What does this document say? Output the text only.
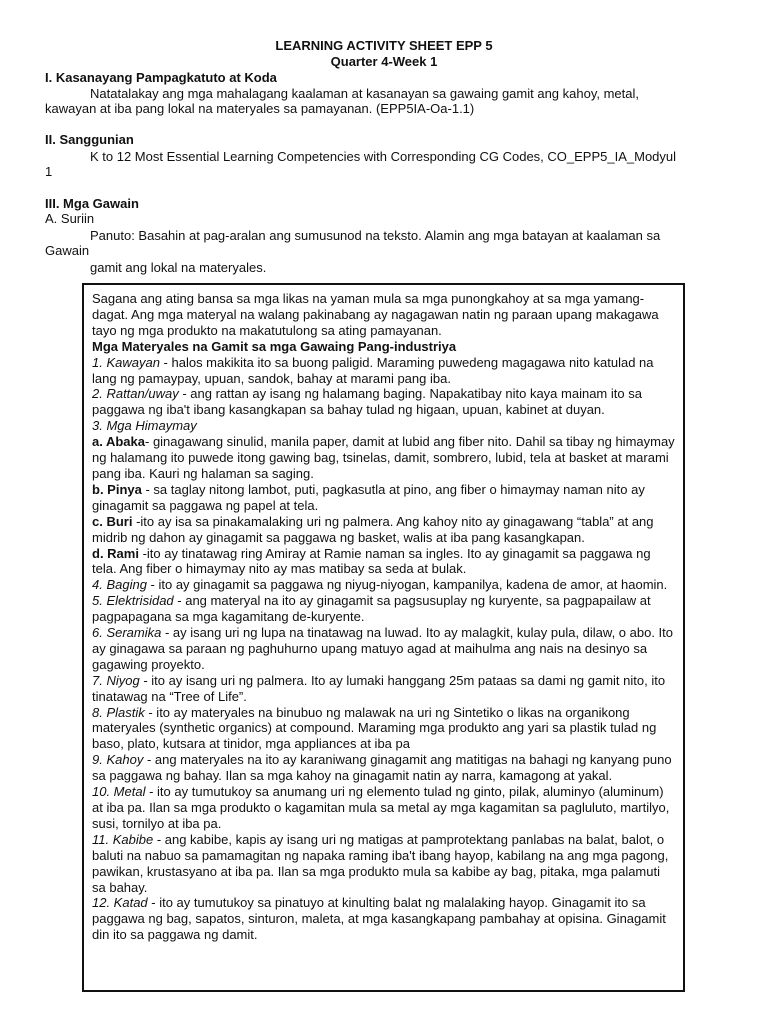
LEARNING ACTIVITY SHEET EPP 5
Quarter 4-Week 1
I. Kasanayang Pampagkatuto at Koda
Natatalakay ang mga mahalagang kaalaman at kasanayan sa gawaing gamit ang kahoy, metal,
kawayan at iba pang lokal na materyales sa pamayanan. (EPP5IA-Oa-1.1)
II. Sanggunian
K to 12 Most Essential Learning Competencies with Corresponding CG Codes, CO_EPP5_IA_Modyul
1
III. Mga Gawain
A. Suriin
Panuto: Basahin at pag-aralan ang sumusunod na teksto. Alamin ang mga batayan at kaalaman sa
Gawain
gamit ang lokal na materyales.

Sagana ang ating bansa sa mga likas na yaman mula sa mga punongkahoy at sa mga yamang-dagat. Ang mga materyal na walang pakinabang ay nagagawan natin ng paraan upang makagawa tayo ng mga produkto na makatutulong sa ating pamayanan.

Mga Materyales na Gamit sa mga Gawaing Pang-industriya

1. Kawayan - halos makikita ito sa buong paligid. Maraming puwedeng magagawa nito katulad na lang ng pamaypay, upuan, sandok, bahay at marami pang iba.

2. Rattan/uway - ang rattan ay isang ng halamang baging. Napakatibay nito kaya mainam ito sa paggawa ng iba't ibang kasangkapan sa bahay tulad ng higaan, upuan, kabinet at duyan.

3. Mga Himaymay

a. Abaka- ginagawang sinulid, manila paper, damit at lubid ang fiber nito. Dahil sa tibay ng himaymay ng halamang ito puwede itong gawing bag, tsinelas, damit, sombrero, lubid, tela at basket at marami pang iba. Kauri ng halaman sa saging.

b. Pinya - sa taglay nitong lambot, puti, pagkasutla at pino, ang fiber o himaymay naman nito ay ginagamit sa paggawa ng papel at tela.

c. Buri -ito ay isa sa pinakamalaking uri ng palmera. Ang kahoy nito ay ginagawang “tabla” at ang midrib ng dahon ay ginagamit sa paggawa ng basket, walis at iba pang kasangkapan.

d. Rami -ito ay tinatawag ring Amiray at Ramie naman sa ingles. Ito ay ginagamit sa paggawa ng tela. Ang fiber o himaymay nito ay mas matibay sa seda at bulak.

4. Baging - ito ay ginagamit sa paggawa ng niyug-niyogan, kampanilya, kadena de amor, at haomin.

5. Elektrisidad - ang materyal na ito ay ginagamit sa pagsusuplay ng kuryente, sa pagpapailaw at pagpapagana sa mga kagamitang de-kuryente.

6. Seramika - ay isang uri ng lupa na tinatawag na luwad. Ito ay malagkit, kulay pula, dilaw, o abo. Ito ay ginagawa sa paraan ng paghuhurno upang matuyo agad at maihulma ang nais na desinyo sa gagawing proyekto.

7. Niyog - ito ay isang uri ng palmera. Ito ay lumaki hanggang 25m pataas sa dami ng gamit nito, ito tinatawag na “Tree of Life”.

8. Plastik - ito ay materyales na binubuo ng malawak na uri ng Sintetiko o likas na organikong materyales (synthetic organics) at compound. Maraming mga produkto ang yari sa plastik tulad ng baso, plato, kutsara at tinidor, mga appliances at iba pa

9. Kahoy - ang materyales na ito ay karaniwang ginagamit ang matitigas na bahagi ng kanyang puno sa paggawa ng bahay. Ilan sa mga kahoy na ginagamit natin ay narra, kamagong at yakal.

10. Metal - ito ay tumutukoy sa anumang uri ng elemento tulad ng ginto, pilak, aluminyo (aluminum) at iba pa. Ilan sa mga produkto o kagamitan mula sa metal ay mga kagamitan sa pagluluto, martilyo, susi, tornilyo at iba pa.

11. Kabibe - ang kabibe, kapis ay isang uri ng matigas at pamprotektang panlabas na balat, balot, o baluti na nabuo sa pamamagitan ng napaka raming iba't ibang hayop, kabilang na ang mga pagong, pawikan, krustasyano at iba pa. Ilan sa mga produkto mula sa kabibe ay bag, pitaka, mga palamuti sa bahay.

12. Katad - ito ay tumutukoy sa pinatuyo at kinulting balat ng malalaking hayop. Ginagamit ito sa paggawa ng bag, sapatos, sinturon, maleta, at mga kasangkapang pambahay at opisina. Ginagamit din ito sa paggawa ng damit.
